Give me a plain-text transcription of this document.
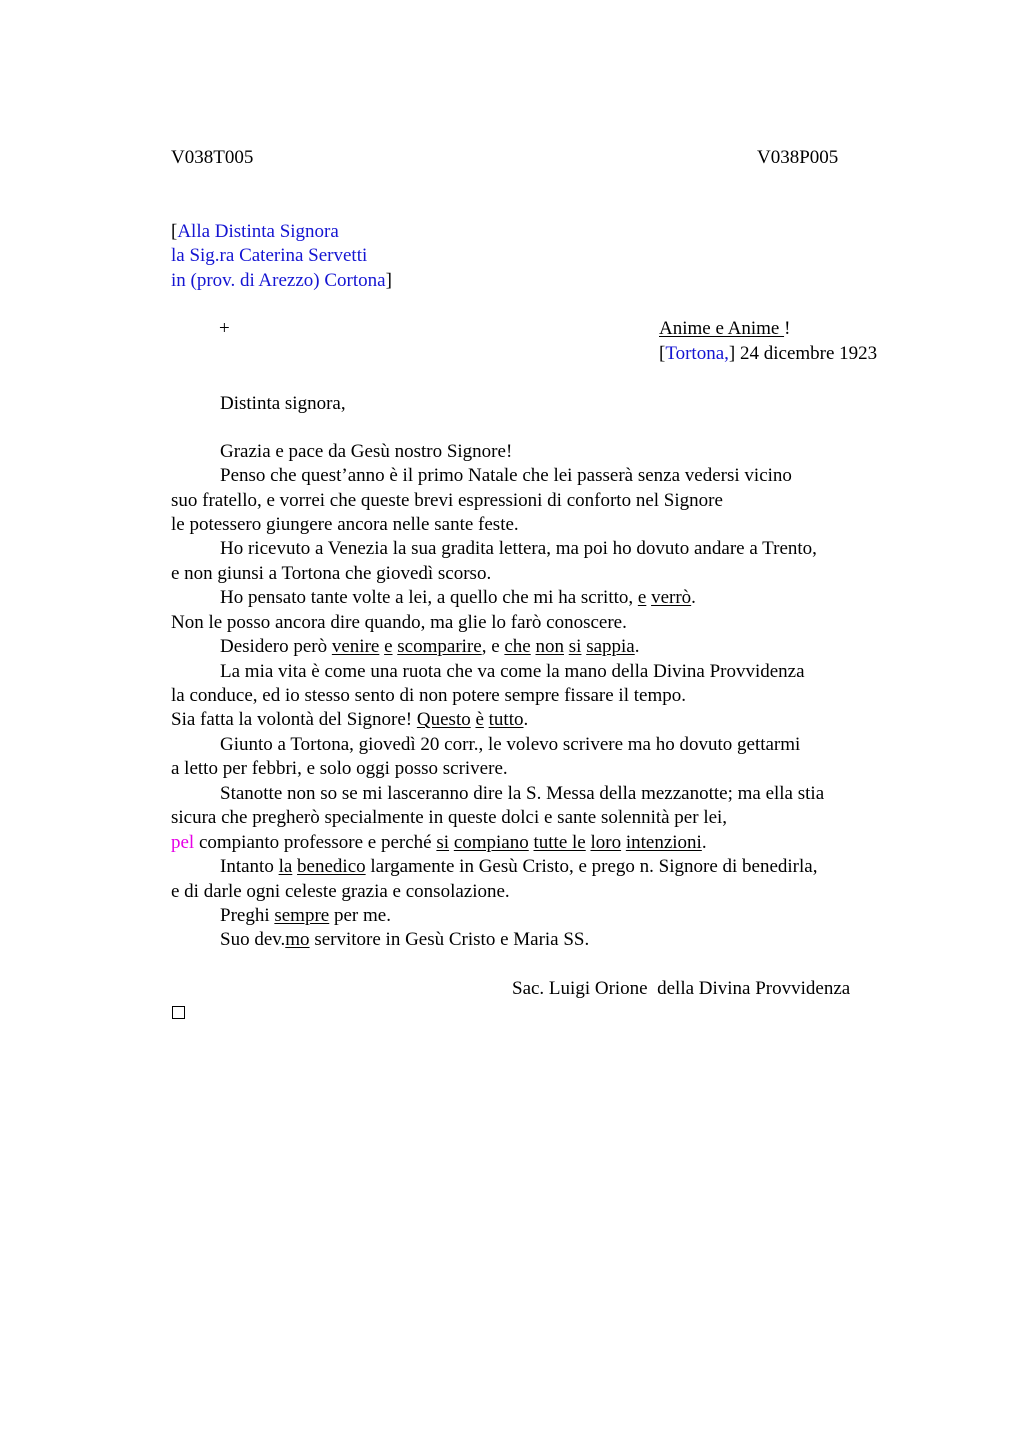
V038T005	V038P005
[Alla Distinta Signora
la Sig.ra Caterina Servetti
in (prov. di Arezzo) Cortona]
+	Anime e Anime !
[Tortona,] 24 dicembre 1923
Distinta signora,
Grazia e pace da Gesù nostro Signore!
Penso che quest’anno è il primo Natale che lei passerà senza vedersi vicino
suo fratello, e vorrei che queste brevi espressioni di conforto nel Signore
le potessero giungere ancora nelle sante feste.
Ho ricevuto a Venezia la sua gradita lettera, ma poi ho dovuto andare a Trento,
e non giunsi a Tortona che giovedì scorso.
Ho pensato tante volte a lei, a quello che mi ha scritto, e verrò.
Non le posso ancora dire quando, ma glie lo farò conoscere.
Desidero però venire e scomparire, e che non si sappia.
La mia vita è come una ruota che va come la mano della Divina Provvidenza
la conduce, ed io stesso sento di non potere sempre fissare il tempo.
Sia fatta la volontà del Signore! Questo è tutto.
Giunto a Tortona, giovedì 20 corr., le volevo scrivere ma ho dovuto gettarmi
a letto per febbri, e solo oggi posso scrivere.
Stanotte non so se mi lasceranno dire la S. Messa della mezzanotte; ma ella stia
sicura che pregherò specialmente in queste dolci e sante solennità per lei,
pel compianto professore e perché si compiano tutte le loro intenzioni.
Intanto la benedico largamente in Gesù Cristo, e prego n. Signore di benedirla,
e di darle ogni celeste grazia e consolazione.
Preghi sempre per me.
Suo dev.mo servitore in Gesù Cristo e Maria SS.
Sac. Luigi Orione  della Divina Provvidenza
